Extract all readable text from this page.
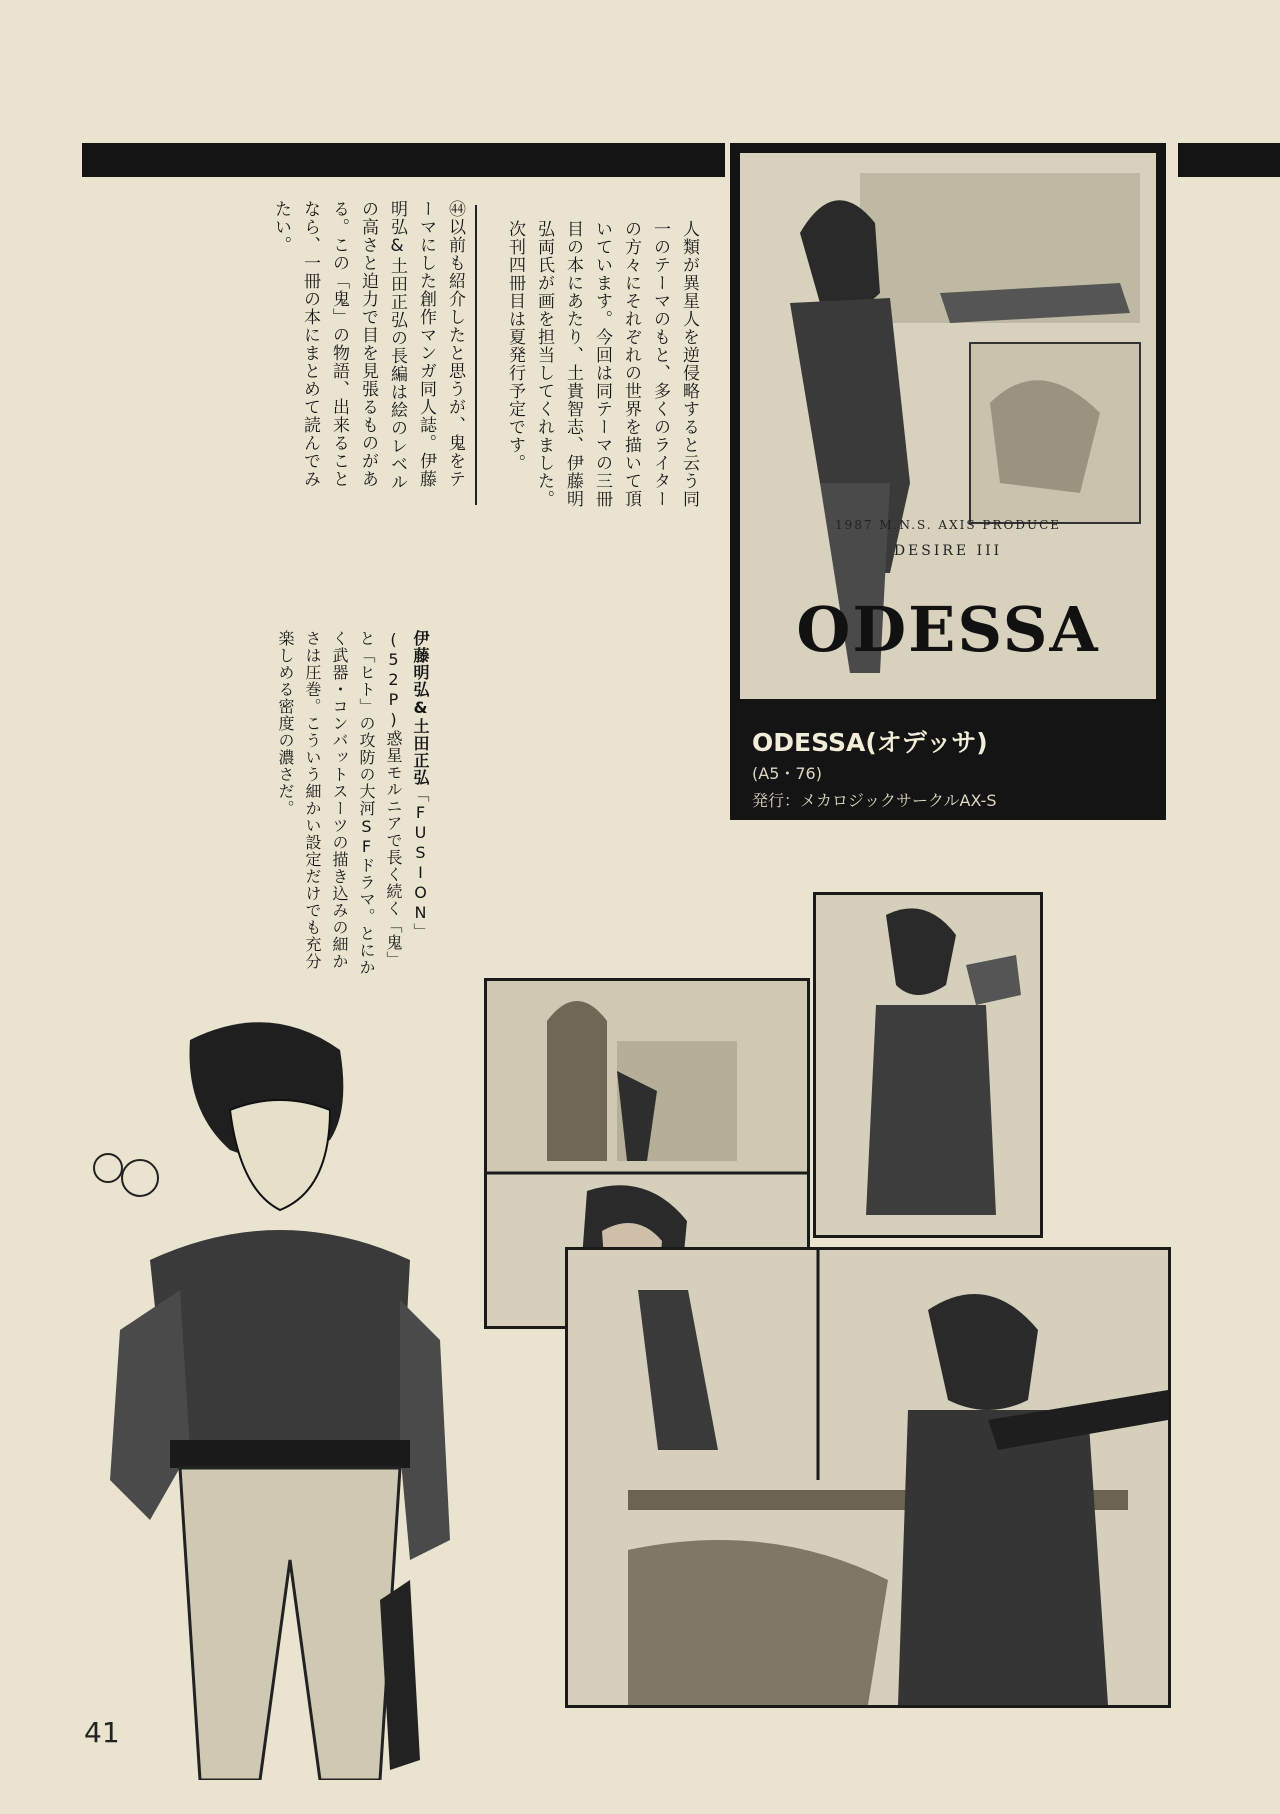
人類が異星人を逆侵略すると云う同一のテーマのもと、多くのライターの方々にそれぞれの世界を描いて頂いています。今回は同テーマの三冊目の本にあたり、土貴智志、伊藤明弘両氏が画を担当してくれました。次刊四冊目は夏発行予定です。
㊹以前も紹介したと思うが、鬼をテーマにした創作マンガ同人誌。伊藤明弘&土田正弘の長編は絵のレベルの高さと迫力で目を見張るものがある。この「鬼」の物語、出来ることなら、一冊の本にまとめて読んでみたい。
伊藤明弘&土田正弘「FUSION」(52P)惑星モルニアで長く続く「鬼」と「ヒト」の攻防の大河SFドラマ。とにかく武器・コンバットスーツの描き込みの細かさは圧巻。こういう細かい設定だけでも充分楽しめる密度の濃さだ。
1987 M.N.S. AXIS PRODUCE
DESIRE III
ODESSA
ODESSA(オデッサ)
(A5・76)
発行：メカロジックサークルAX-S
41
